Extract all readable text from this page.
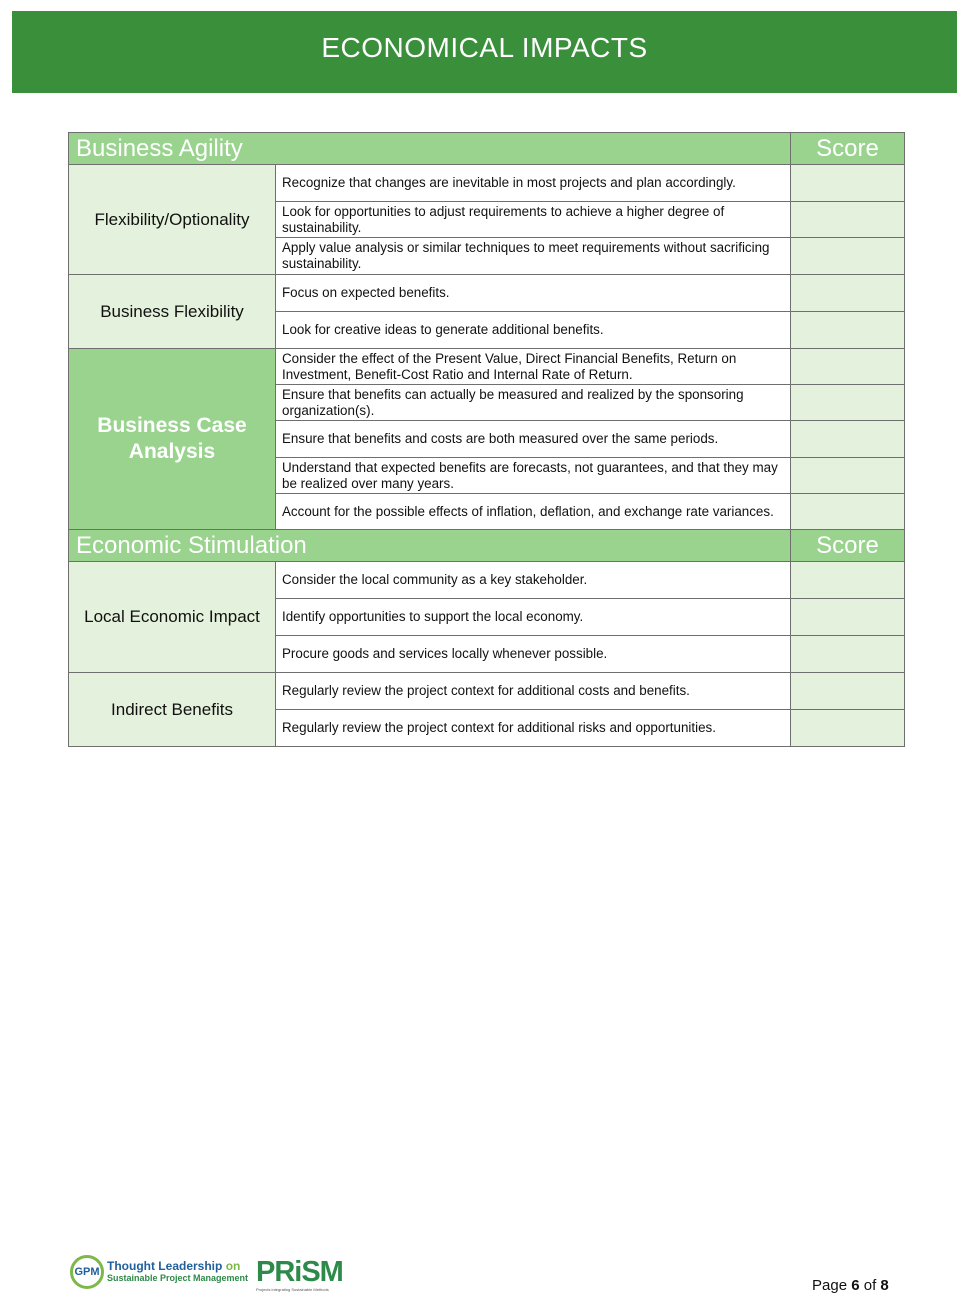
ECONOMICAL IMPACTS
Business Agility		Score
Flexibility/Optionality	Recognize that changes are inevitable in most projects and plan accordingly.	
	Look for opportunities to adjust requirements to achieve a higher degree of sustainability.	
	Apply value analysis or similar techniques to meet requirements without sacrificing sustainability.	
Business Flexibility	Focus on expected benefits.	
	Look for creative ideas to generate additional benefits.	
Business Case Analysis	Consider the effect of the Present Value, Direct Financial Benefits, Return on Investment, Benefit-Cost Ratio and Internal Rate of Return.	
	Ensure that benefits can actually be measured and realized by the sponsoring organization(s).	
	Ensure that benefits and costs are both measured over the same periods.	
	Understand that expected benefits are forecasts, not guarantees, and that they may be realized over many years.	
	Account for the possible effects of inflation, deflation, and exchange rate variances.	
Economic Stimulation		Score
Local Economic Impact	Consider the local community as a key stakeholder.	
	Identify opportunities to support the local economy.	
	Procure goods and services locally whenever possible.	
Indirect Benefits	Regularly review the project context for additional costs and benefits.	
	Regularly review the project context for additional risks and opportunities.	
GPM Thought Leadership on
Sustainable Project Management PRiSM
Projects integrating Sustainable Methods	Page 6 of 8
